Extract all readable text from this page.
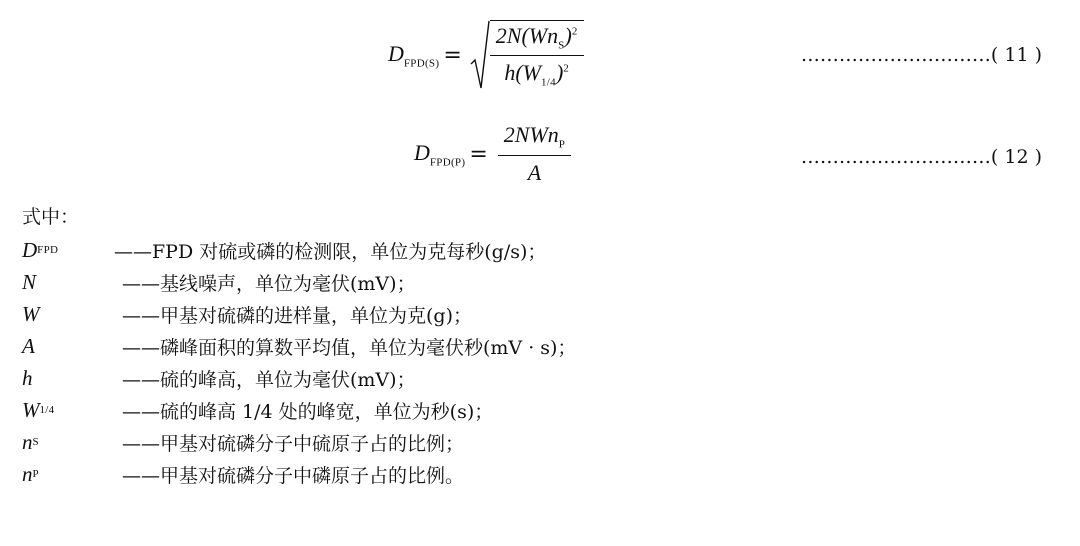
$D_{FPD(S)} = \frac{2N(Wn_S)^2}{h(W_{1/4})^2}$	…………………………( 11 )
$D_{FPD(P)} = \frac{2NWn_P}{A}$	…………………………( 12 )
式中：
D FPD	——FPD 对硫或磷的检测限，单位为克每秒(g/s)；
N	——基线噪声，单位为毫伏(mV)；
W	——甲基对硫磷的进样量，单位为克(g)；
A	——磷峰面积的算数平均值，单位为毫伏秒(mV · s)；
h	——硫的峰高，单位为毫伏(mV)；
W 1/4	——硫的峰高 1/4 处的峰宽，单位为秒(s)；
n S	——甲基对硫磷分子中硫原子占的比例；
n P	——甲基对硫磷分子中磷原子占的比例。
